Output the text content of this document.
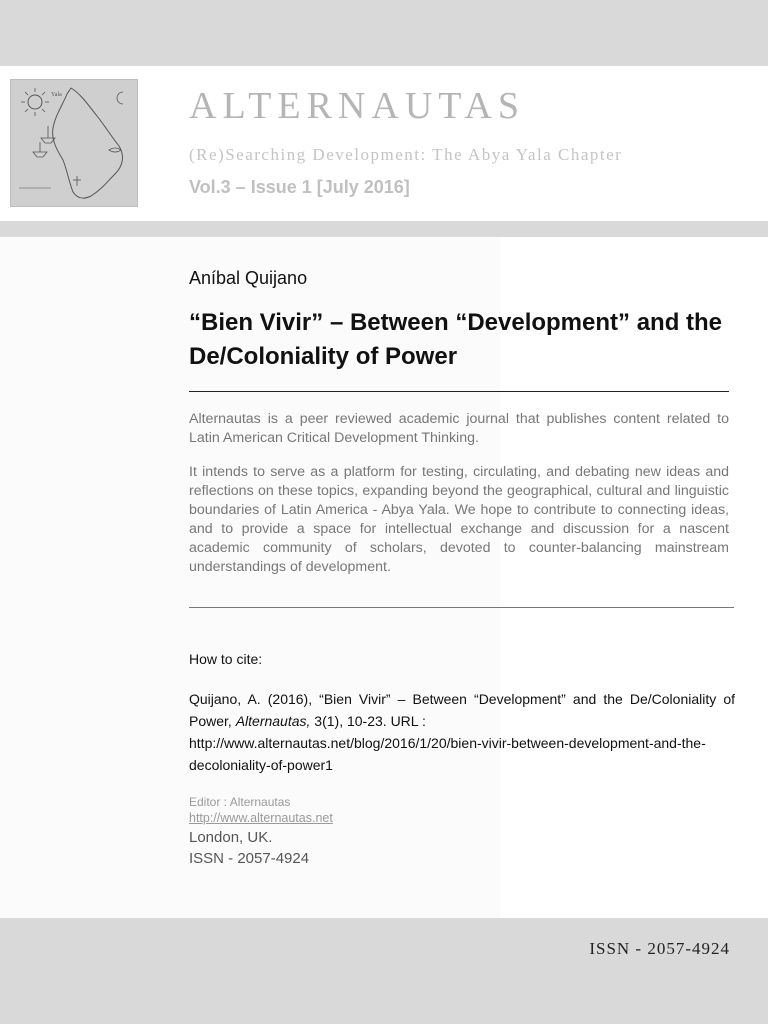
Yala	ALTERNAUTAS
(Re)Searching Development: The Abya Yala Chapter
Vol.3 – Issue 1 [July 2016]
Aníbal Quijano
“Bien Vivir” – Between “Development” and the De/Coloniality of Power

Alternautas is a peer reviewed academic journal that publishes content related to Latin American Critical Development Thinking.

It intends to serve as a platform for testing, circulating, and debating new ideas and reflections on these topics, expanding beyond the geographical, cultural and linguistic boundaries of Latin America - Abya Yala. We hope to contribute to connecting ideas, and to provide a space for intellectual exchange and discussion for a nascent academic community of scholars, devoted to counter-balancing mainstream understandings of development.

How to cite:

Quijano, A. (2016), “Bien Vivir” – Between “Development” and the De/Coloniality of Power, Alternautas, 3(1), 10-23. URL :
http://www.alternautas.net/blog/2016/1/20/bien-vivir-between-development-and-the-decoloniality-of-power1

Editor : Alternautas
http://www.alternautas.net
London, UK.
ISSN - 2057-4924
ISSN - 2057-4924
